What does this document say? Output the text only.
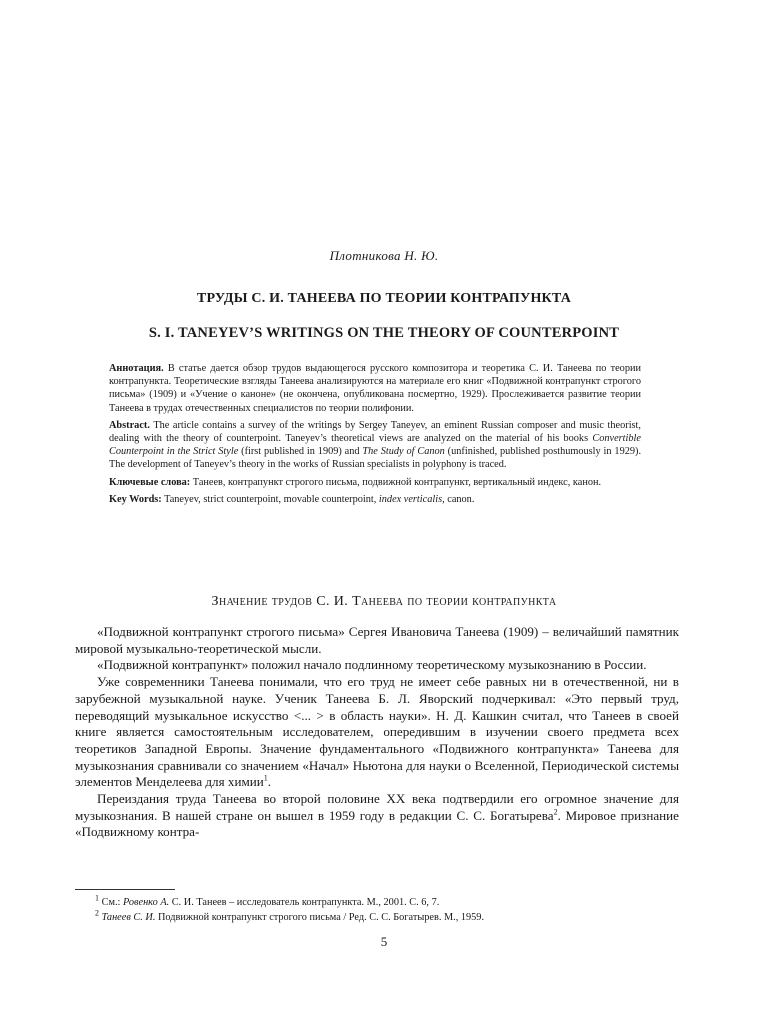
Плотникова Н. Ю.
ТРУДЫ С. И. ТАНЕЕВА ПО ТЕОРИИ КОНТРАПУНКТА
S. I. TANEYEV’S WRITINGS ON THE THEORY OF COUNTERPOINT

Аннотация. В статье дается обзор трудов выдающегося русского композитора и теоретика С. И. Танеева по теории контрапункта. Теоретические взгляды Танеева анализируются на материале его книг «Подвижной контрапункт строгого письма» (1909) и «Учение о каноне» (не окончена, опубликована посмертно, 1929). Прослеживается развитие теории Танеева в трудах отечественных специалистов по теории полифонии.

Abstract. The article contains a survey of the writings by Sergey Taneyev, an eminent Russian composer and music theorist, dealing with the theory of counterpoint. Taneyev’s theoretical views are analyzed on the material of his books Convertible Counterpoint in the Strict Style (first published in 1909) and The Study of Canon (unfinished, published posthumously in 1929). The development of Taneyev’s theory in the works of Russian specialists in polyphony is traced.

Ключевые слова: Танеев, контрапункт строгого письма, подвижной контрапункт, вертикальный индекс, канон.

Key Words: Taneyev, strict counterpoint, movable counterpoint, index verticalis, canon.

Значение трудов С. И. Танеева по теории контрапункта

«Подвижной контрапункт строгого письма» Сергея Ивановича Танеева (1909) – величайший памятник мировой музыкально-теоретической мысли.

«Подвижной контрапункт» положил начало подлинному теоретическому музыкознанию в России.

Уже современники Танеева понимали, что его труд не имеет себе равных ни в отечественной, ни в зарубежной музыкальной науке. Ученик Танеева Б. Л. Яворский подчеркивал: «Это первый труд, переводящий музыкальное искусство <... > в область науки». Н. Д. Кашкин считал, что Танеев в своей книге является самостоятельным исследователем, опередившим в изучении своего предмета всех теоретиков Западной Европы. Значение фундаментального «Подвижного контрапункта» Танеева для музыкознания сравнивали со значением «Начал» Ньютона для науки о Вселенной, Периодической системы элементов Менделеева для химии$^1$.

Переиздания труда Танеева во второй половине XX века подтвердили его огромное значение для музыкознания. В нашей стране он вышел в 1959 году в редакции С. С. Богатырева$^2$. Мировое признание «Подвижному контра-

$^1$ См.: Ровенко А. С. И. Танеев – исследователь контрапункта. М., 2001. С. 6, 7.

$^2$ Танеев С. И. Подвижной контрапункт строгого письма / Ред. С. С. Богатырев. М., 1959.

5
